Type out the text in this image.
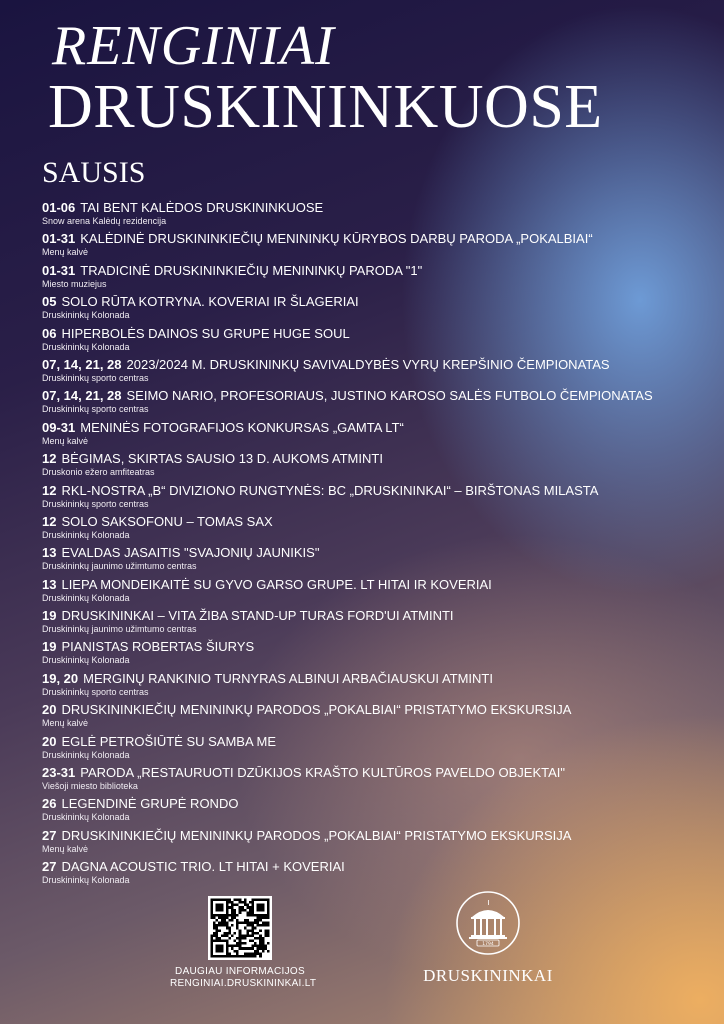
RENGINIAI
DRUSKININKUOSE
SAUSIS
01-06 TAI BENT KALĖDOS DRUSKININKUOSE
Snow arena Kalėdų rezidencija
01-31 KALĖDINĖ DRUSKININKIEČIŲ MENININKŲ KŪRYBOS DARBŲ PARODA „POKALBIAI“
Menų kalvė
01-31 TRADICINĖ DRUSKININKIEČIŲ MENININKŲ PARODA "1"
Miesto muziejus
05 SOLO RŪTA KOTRYNA. KOVERIAI IR ŠLAGERIAI
Druskininkų Kolonada
06 HIPERBOLĖS DAINOS SU GRUPE HUGE SOUL
Druskininkų Kolonada
07, 14, 21, 28 2023/2024 M. DRUSKININKŲ SAVIVALDYBĖS VYRŲ KREPŠINIO ČEMPIONATAS
Druskininkų sporto centras
07, 14, 21, 28 SEIMO NARIO, PROFESORIAUS, JUSTINO KAROSO SALĖS FUTBOLO ČEMPIONATAS
Druskininkų sporto centras
09-31 MENINĖS FOTOGRAFIJOS KONKURSAS „GAMTA LT“
Menų kalvė
12 BĖGIMAS, SKIRTAS SAUSIO 13 D. AUKOMS ATMINTI
Druskonio ežero amfiteatras
12 RKL-NOSTRA „B“ DIVIZIONO RUNGTYNĖS: BC „DRUSKININKAI“ – BIRŠTONAS MILASTA
Druskininkų sporto centras
12 SOLO SAKSOFONU – TOMAS SAX
Druskininkų Kolonada
13 EVALDAS JASAITIS "SVAJONIŲ JAUNIKIS"
Druskininkų jaunimo užimtumo centras
13 LIEPA MONDEIKAITĖ SU GYVO GARSO GRUPE. LT HITAI IR KOVERIAI
Druskininkų Kolonada
19 DRUSKININKAI – VITA ŽIBA STAND-UP TURAS FORD'UI ATMINTI
Druskininkų jaunimo užimtumo centras
19 PIANISTAS ROBERTAS ŠIURYS
Druskininkų Kolonada
19, 20 MERGINŲ RANKINIO TURNYRAS ALBINUI ARBAČIAUSKUI ATMINTI
Druskininkų sporto centras
20 DRUSKININKIEČIŲ MENININKŲ PARODOS „POKALBIAI“ PRISTATYMO EKSKURSIJA
Menų kalvė
20 EGLĖ PETROŠIŪTĖ SU SAMBA ME
Druskininkų Kolonada
23-31 PARODA „RESTAURUOTI DZŪKIJOS KRAŠTO KULTŪROS PAVELDO OBJEKTAI"
Viešoji miesto biblioteka
26 LEGENDINĖ GRUPĖ RONDO
Druskininkų Kolonada
27 DRUSKININKIEČIŲ MENININKŲ PARODOS „POKALBIAI“ PRISTATYMO EKSKURSIJA
Menų kalvė
27 DAGNA ACOUSTIC TRIO. LT HITAI + KOVERIAI
Druskininkų Kolonada
DAUGIAU INFORMACIJOS
RENGINIAI.DRUSKININKAI.LT
1794
DRUSKININKAI
